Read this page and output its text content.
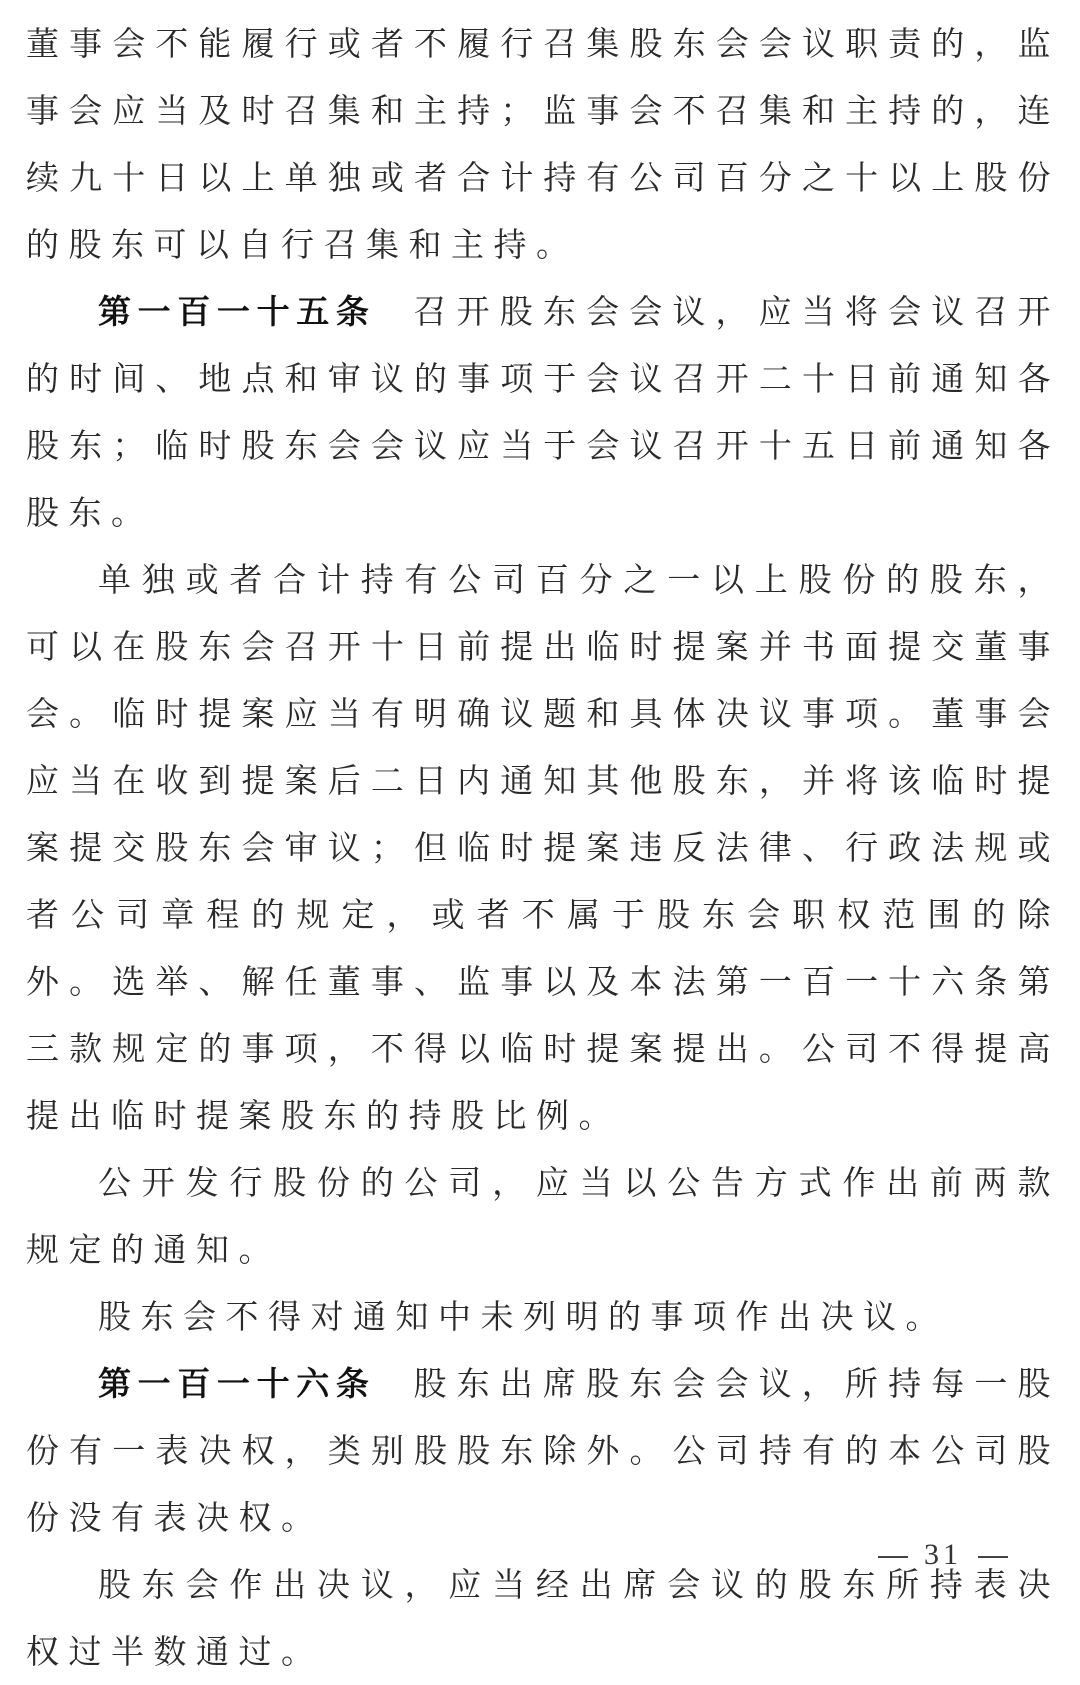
董事会不能履行或者不履行召集股东会会议职责的，监事会应当及时召集和主持；监事会不召集和主持的，连续九十日以上单独或者合计持有公司百分之十以上股份的股东可以自行召集和主持。

第一百一十五条 召开股东会会议，应当将会议召开的时间、地点和审议的事项于会议召开二十日前通知各股东；临时股东会会议应当于会议召开十五日前通知各股东。

单独或者合计持有公司百分之一以上股份的股东，可以在股东会召开十日前提出临时提案并书面提交董事会。临时提案应当有明确议题和具体决议事项。董事会应当在收到提案后二日内通知其他股东，并将该临时提案提交股东会审议；但临时提案违反法律、行政法规或者公司章程的规定，或者不属于股东会职权范围的除外。选举、解任董事、监事以及本法第一百一十六条第三款规定的事项，不得以临时提案提出。公司不得提高提出临时提案股东的持股比例。

公开发行股份的公司，应当以公告方式作出前两款规定的通知。

股东会不得对通知中未列明的事项作出决议。

第一百一十六条 股东出席股东会会议，所持每一股份有一表决权，类别股股东除外。公司持有的本公司股份没有表决权。

股东会作出决议，应当经出席会议的股东所持表决权过半数通过。

31
